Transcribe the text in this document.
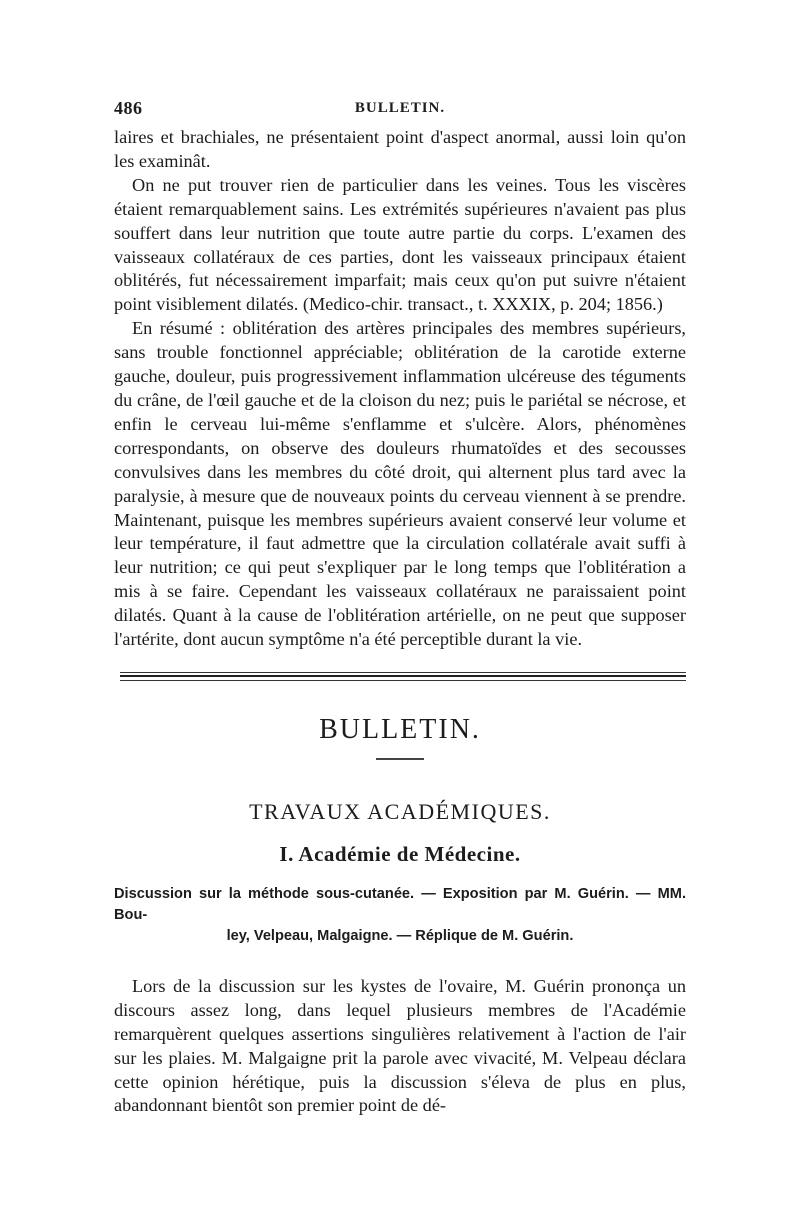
486	BULLETIN.

laires et brachiales, ne présentaient point d'aspect anormal, aussi loin qu'on les examinât.

On ne put trouver rien de particulier dans les veines. Tous les viscères étaient remarquablement sains. Les extrémités supérieures n'avaient pas plus souffert dans leur nutrition que toute autre partie du corps. L'examen des vaisseaux collatéraux de ces parties, dont les vaisseaux principaux étaient oblitérés, fut nécessairement imparfait; mais ceux qu'on put suivre n'étaient point visiblement dilatés. (Medico-chir. transact., t. XXXIX, p. 204; 1856.)

En résumé : oblitération des artères principales des membres supérieurs, sans trouble fonctionnel appréciable; oblitération de la carotide externe gauche, douleur, puis progressivement inflammation ulcéreuse des téguments du crâne, de l'œil gauche et de la cloison du nez; puis le pariétal se nécrose, et enfin le cerveau lui-même s'enflamme et s'ulcère. Alors, phénomènes correspondants, on observe des douleurs rhumatoïdes et des secousses convulsives dans les membres du côté droit, qui alternent plus tard avec la paralysie, à mesure que de nouveaux points du cerveau viennent à se prendre. Maintenant, puisque les membres supérieurs avaient conservé leur volume et leur température, il faut admettre que la circulation collatérale avait suffi à leur nutrition; ce qui peut s'expliquer par le long temps que l'oblitération a mis à se faire. Cependant les vaisseaux collatéraux ne paraissaient point dilatés. Quant à la cause de l'oblitération artérielle, on ne peut que supposer l'artérite, dont aucun symptôme n'a été perceptible durant la vie.

BULLETIN.
TRAVAUX ACADÉMIQUES.
I. Académie de Médecine.
Discussion sur la méthode sous-cutanée. — Exposition par M. Guérin. — MM. Bou-
ley, Velpeau, Malgaigne. — Réplique de M. Guérin.

Lors de la discussion sur les kystes de l'ovaire, M. Guérin prononça un discours assez long, dans lequel plusieurs membres de l'Académie remarquèrent quelques assertions singulières relativement à l'action de l'air sur les plaies. M. Malgaigne prit la parole avec vivacité, M. Velpeau déclara cette opinion hérétique, puis la discussion s'éleva de plus en plus, abandonnant bientôt son premier point de dé-
